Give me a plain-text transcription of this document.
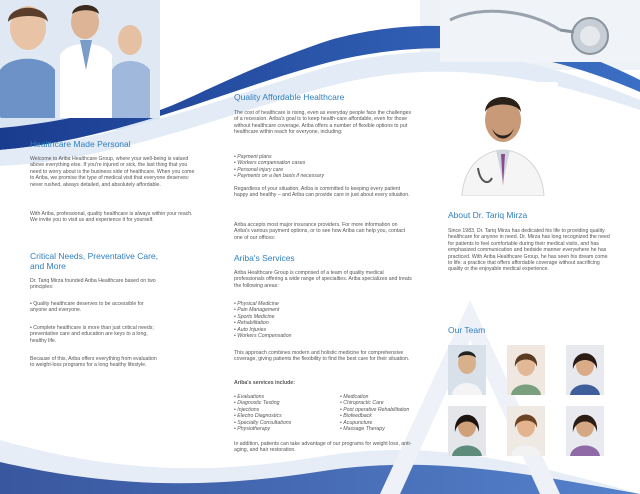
Healthcare Made Personal

Welcome to Ariba Healthcare Group, where your well-being is valued above everything else. If you're injured or sick, the last thing that you need to worry about is the business side of healthcare. When you come to Ariba, we promise the type of medical visit that everyone deserves: never rushed, always detailed, and absolutely affordable.

With Ariba, professional, quality healthcare is always within your reach. We invite you to visit us and experience it for yourself.

Critical Needs, Preventative Care, and More

Dr. Tariq Mirza founded Ariba Healthcare based on two principles:

• Quality healthcare deserves to be accessible for anyone and everyone.

• Complete healthcare is more than just critical needs; preventative care and education are keys to a long, healthy life.

Because of this, Ariba offers everything from evaluation to weight-loss programs for a long healthy lifestyle.

Quality Affordable Healthcare

The cost of healthcare is rising, even as everyday people face the challenges of a recession. Ariba's goal is to keep health-care affordable, even for those without healthcare coverage. Ariba offers a number of flexible options to put healthcare within reach for everyone, including:

• Payment plans
• Workers compensation cases
• Personal injury care
• Payments on a lien basis if necessary

Regardless of your situation, Ariba is committed to keeping every patient happy and healthy – and Ariba can provide care in just about every situation.

Ariba accepts most major insurance providers. For more information on Ariba's various payment options, or to see how Ariba can help you, contact one of our offices:

Ariba's Services

Ariba Healthcare Group is comprised of a team of quality medical professionals offering a wide range of specialties. Ariba specializes and treats the following areas:

• Physical Medicine
• Pain Management
• Sports Medicine
• Rehabilitation
• Auto Injuries
• Workers Compensation

This approach combines modern and holistic medicine for comprehensive coverage, giving patients the flexibility to find the best care for their situation.

Ariba's services include:

• Evaluations
• Diagnostic Testing
• Injections
• Electro Diagnostics
• Specialty Consultations
• Physiotherapy
• Medication
• Chiropractic Care
• Post operative Rehabilitation
• Biofeedback
• Acupuncture
• Massage Therapy

In addition, patients can take advantage of our programs for weight loss, anti-aging, and hair restoration.

About Dr. Tariq Mirza

Since 1983, Dr. Tariq Mirza has dedicated his life to providing quality healthcare for anyone in need. Dr. Mirza has long recognized the need for patients to feel comfortable during their medical visits, and has emphasized communication and bedside manner everywhere he has practiced. With Ariba Healthcare Group, he has seen his dream come to life: a practice that offers affordable coverage without sacrificing quality or the enjoyable medical experience.

Our Team
